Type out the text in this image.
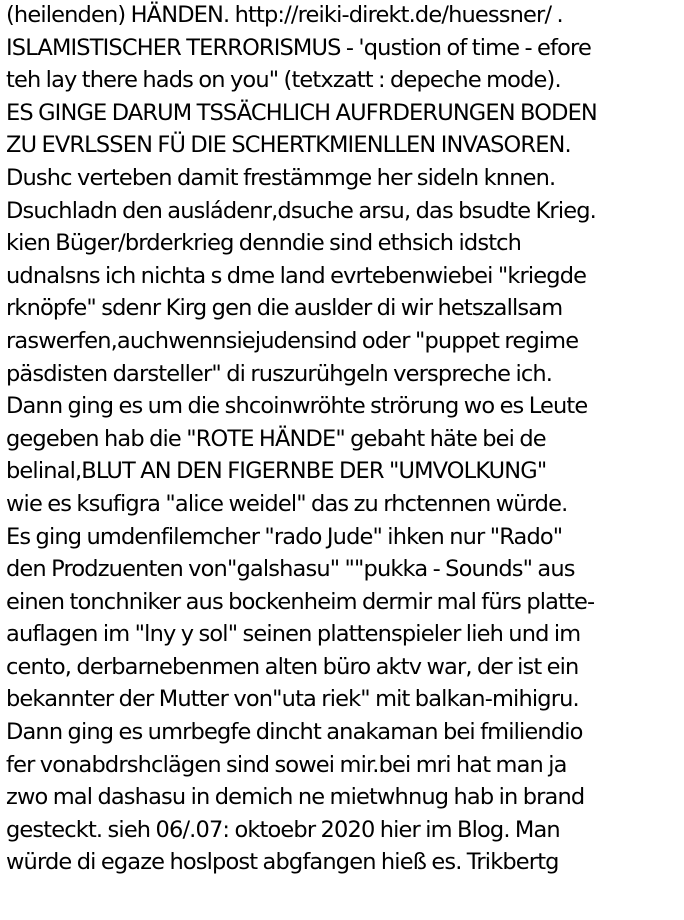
(heilenden) HÄNDEN. http://reiki-direkt.de/huessner/ .
ISLAMISTISCHER TERRORISMUS - 'qustion of time - efore
teh lay there hads on you" (tetxzatt : depeche mode).
ES GINGE DARUM TSSÄCHLICH AUFRDERUNGEN BODEN
ZU EVRLSSEN FÜ DIE SCHERTKMIENLLEN INVASOREN.
Dushc verteben damit frestämmge her sideln knnen.
Dsuchladn den ausládenr,dsuche arsu, das bsudte Krieg.
kien Büger/brderkrieg denndie sind ethsich idstch
udnalsns ich nichta s dme land evrtebenwiebei "kriegde
rknöpfe" sdenr Kirg gen die auslder di wir hetszallsam
raswerfen,auchwennsiejudensind oder "puppet regime
päsdisten darsteller" di ruszurühgeln verspreche ich.
Dann ging es um die shcoinwröhte strörung wo es Leute
gegeben hab die "ROTE HÄNDE" gebaht häte bei de
belinal,BLUT AN DEN FIGERNBE DER "UMVOLKUNG"
wie es ksufigra "alice weidel" das zu rhctennen würde.
Es ging umdenfilemcher "rado Jude" ihken nur "Rado"
den Prodzuenten von"galshasu" ""pukka - Sounds" aus
einen tonchniker aus bockenheim dermir mal fürs platte-
auflagen im "lny y sol" seinen plattenspieler lieh und im
cento, derbarnebenmen alten büro aktv war, der ist ein
bekannter der Mutter von"uta riek" mit balkan-mihigru.
Dann ging es umrbegfe dincht anakaman bei fmiliendio
fer vonabdrshclägen sind sowei mir.bei mri hat man ja
zwo mal dashasu in demich ne mietwhnug hab in brand
gesteckt. sieh 06/.07: oktoebr 2020 hier im Blog. Man
würde di egaze hoslpost abgfangen hieß es. Trikbertg
